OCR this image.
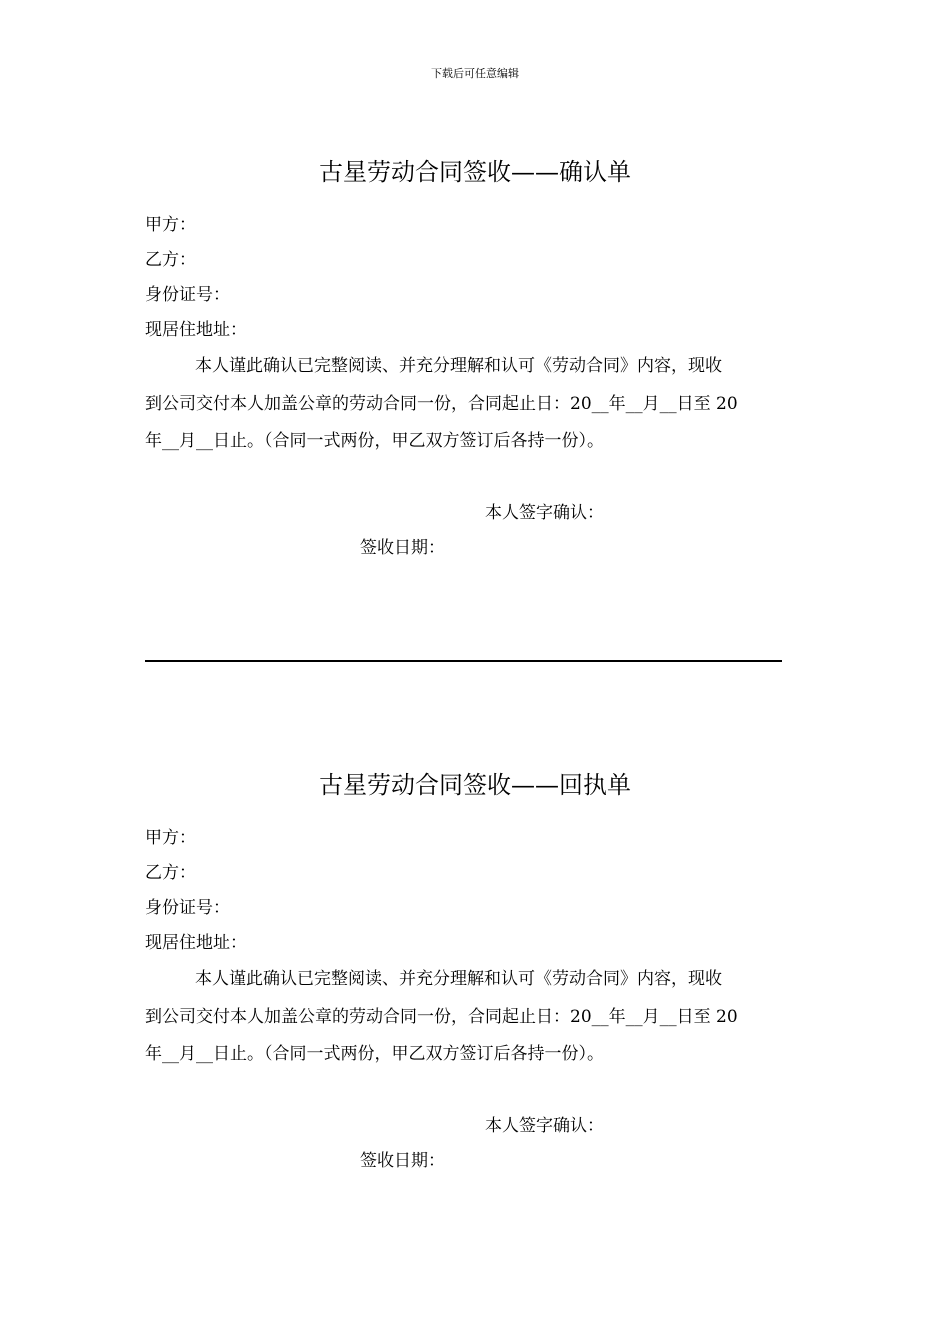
下载后可任意编辑
古星劳动合同签收——确认单
甲方：
乙方：
身份证号：
现居住地址：
本人谨此确认已完整阅读、并充分理解和认可《劳动合同》内容，现收
到公司交付本人加盖公章的劳动合同一份，合同起止日：20__年__月__日至 20
年__月__日止。（合同一式两份，甲乙双方签订后各持一份）。
本人签字确认：
签收日期：
古星劳动合同签收——回执单
甲方：
乙方：
身份证号：
现居住地址：
本人谨此确认已完整阅读、并充分理解和认可《劳动合同》内容，现收
到公司交付本人加盖公章的劳动合同一份，合同起止日：20__年__月__日至 20
年__月__日止。（合同一式两份，甲乙双方签订后各持一份）。
本人签字确认：
签收日期：
